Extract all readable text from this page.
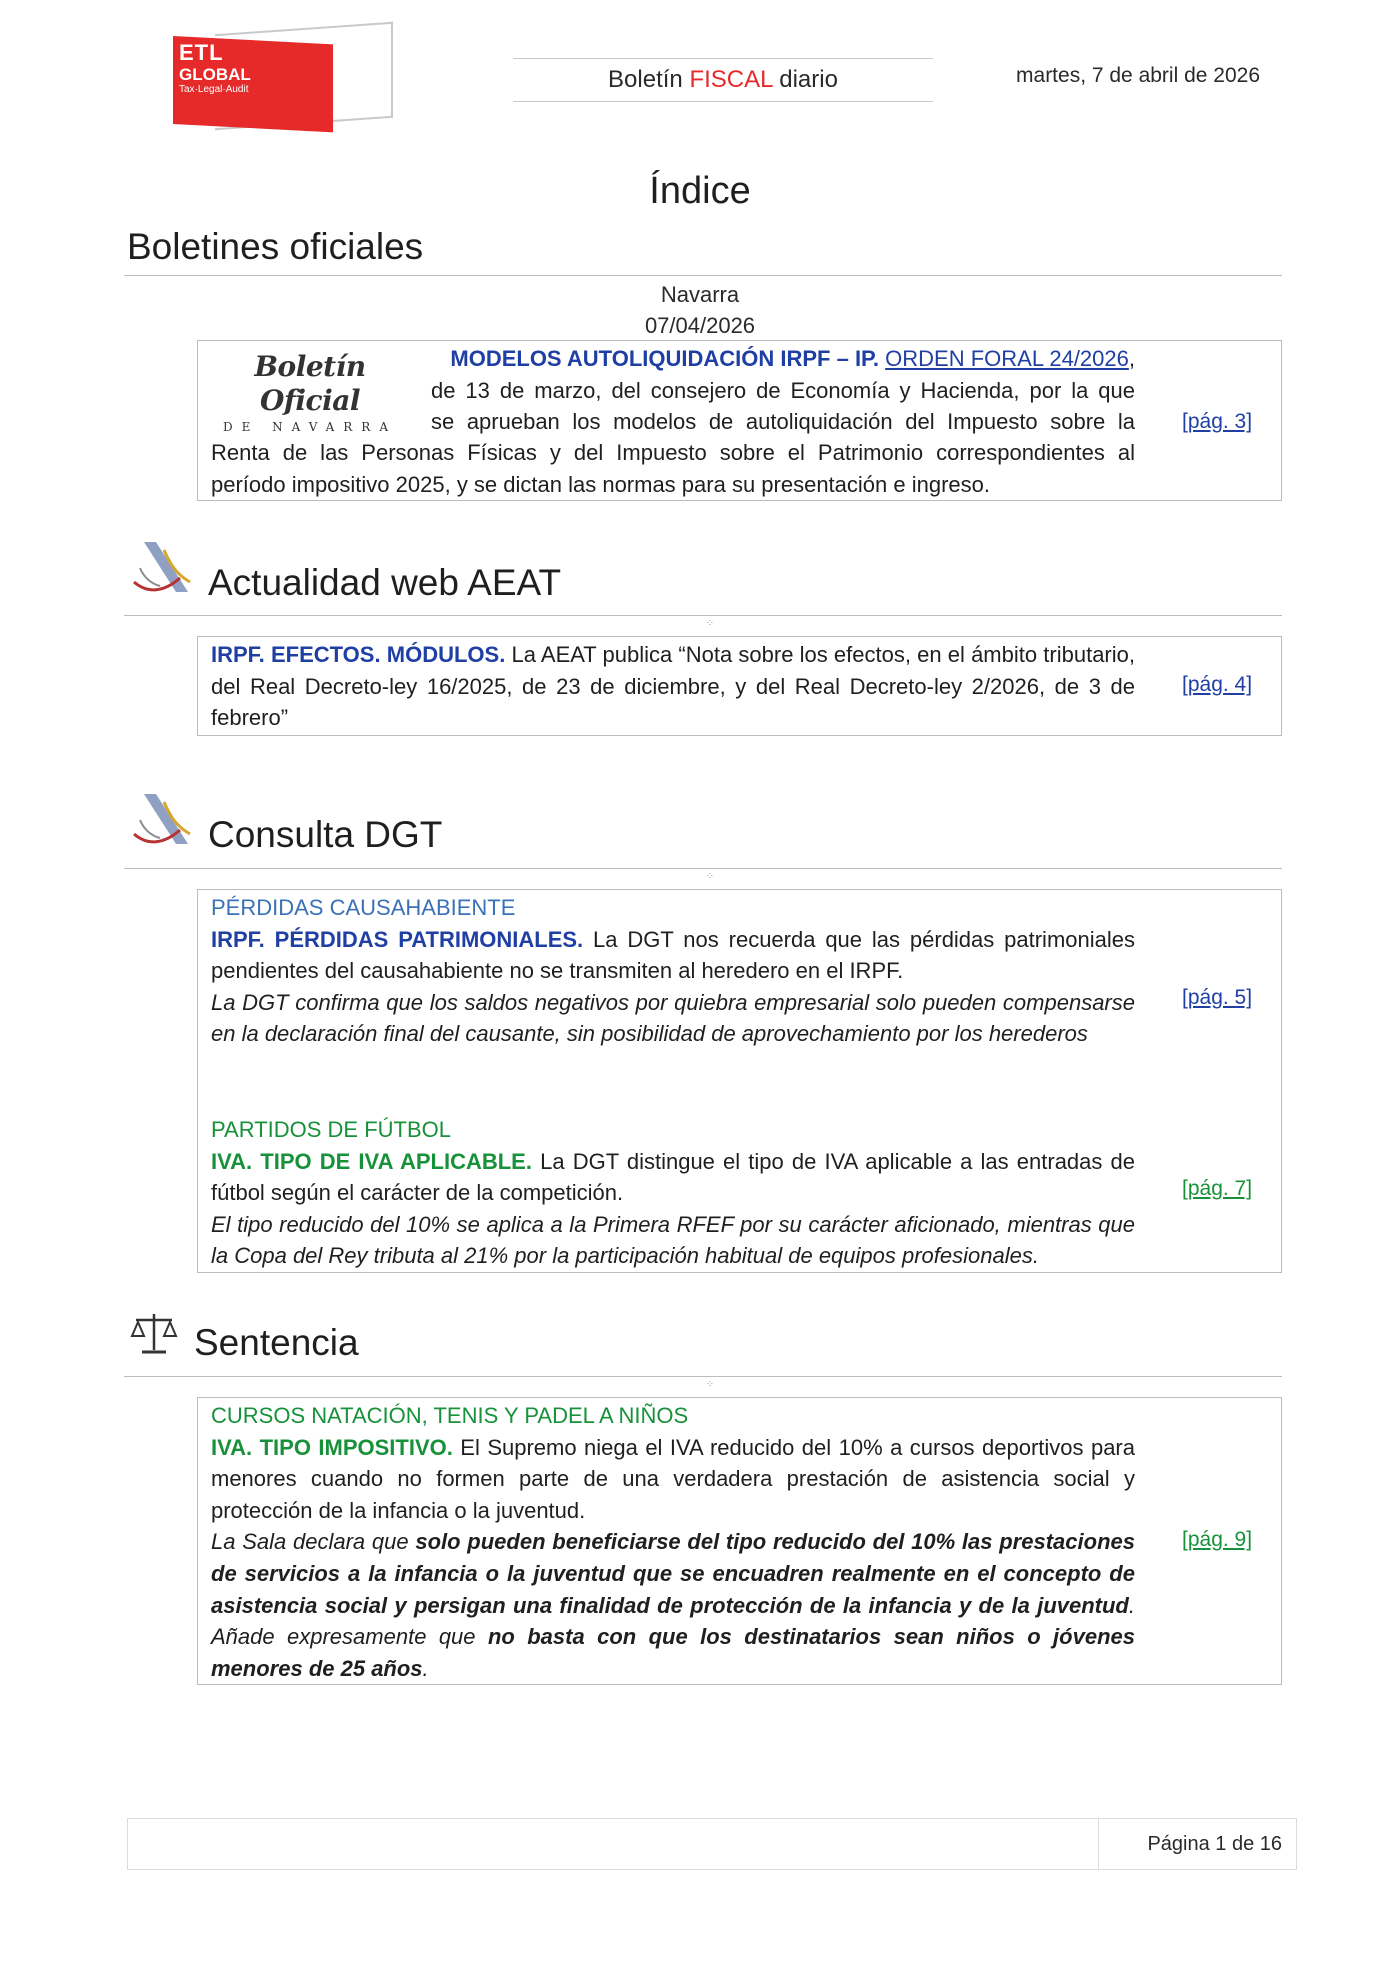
ETL
GLOBAL
Tax·Legal·Audit	Boletín FISCAL diario	martes, 7 de abril de 2026
Índice
Boletines oficiales
Navarra
07/04/2026
Boletín Oficial
DE NAVARRA
MODELOS AUTOLIQUIDACIÓN IRPF – IP. ORDEN FORAL 24/2026,
de 13 de marzo, del consejero de Economía y Hacienda, por la que
se aprueban los modelos de autoliquidación del Impuesto sobre la
Renta de las Personas Físicas y del Impuesto sobre el Patrimonio correspondientes al
período impositivo 2025, y se dictan las normas para su presentación e ingreso.
[pág. 3]
Actualidad web AEAT
⁘
IRPF. EFECTOS. MÓDULOS. La AEAT publica “Nota sobre los efectos, en el ámbito tributario, del Real Decreto-ley 16/2025, de 23 de diciembre, y del Real Decreto-ley 2/2026, de 3 de febrero”
[pág. 4]
Consulta DGT
⁘
PÉRDIDAS CAUSAHABIENTE
IRPF. PÉRDIDAS PATRIMONIALES. La DGT nos recuerda que las pérdidas patrimoniales pendientes del causahabiente no se transmiten al heredero en el IRPF.
La DGT confirma que los saldos negativos por quiebra empresarial solo pueden compensarse en la declaración final del causante, sin posibilidad de aprovechamiento por los herederos
[pág. 5]
PARTIDOS DE FÚTBOL
IVA. TIPO DE IVA APLICABLE. La DGT distingue el tipo de IVA aplicable a las entradas de fútbol según el carácter de la competición.
El tipo reducido del 10% se aplica a la Primera RFEF por su carácter aficionado, mientras que la Copa del Rey tributa al 21% por la participación habitual de equipos profesionales.
[pág. 7]
Sentencia
⁘
CURSOS NATACIÓN, TENIS Y PADEL A NIÑOS
IVA. TIPO IMPOSITIVO. El Supremo niega el IVA reducido del 10% a cursos deportivos para menores cuando no formen parte de una verdadera prestación de asistencia social y protección de la infancia o la juventud.
La Sala declara que solo pueden beneficiarse del tipo reducido del 10% las prestaciones de servicios a la infancia o la juventud que se encuadren realmente en el concepto de asistencia social y persigan una finalidad de protección de la infancia y de la juventud. Añade expresamente que no basta con que los destinatarios sean niños o jóvenes menores de 25 años.
[pág. 9]
Página 1 de 16
